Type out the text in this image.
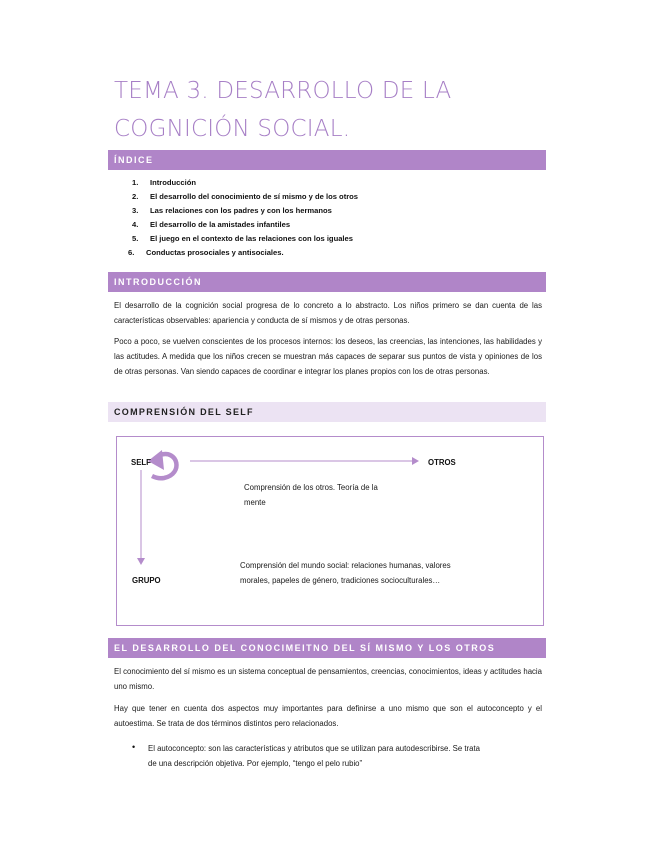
TEMA 3. DESARROLLO DE LA
COGNICIÓN SOCIAL.
ÍNDICE
1. Introducción
2. El desarrollo del conocimiento de sí mismo y de los otros
3. Las relaciones con los padres y con los hermanos
4. El desarrollo de la amistades infantiles
5. El juego en el contexto de las relaciones con los iguales
6. Conductas prosociales y antisociales.
INTRODUCCIÓN
El desarrollo de la cognición social progresa de lo concreto a lo abstracto. Los niños primero se dan cuenta de las características observables: apariencia y conducta de sí mismos y de otras personas.
Poco a poco, se vuelven conscientes de los procesos internos: los deseos, las creencias, las intenciones, las habilidades y las actitudes. A medida que los niños crecen se muestran más capaces de separar sus puntos de vista y opiniones de los de otras personas. Van siendo capaces de coordinar e integrar los planes propios con los de otras personas.
COMPRENSIÓN DEL SELF
SELF	OTROS
GRUPO
Comprensión de los otros. Teoría de la
mente
Comprensión del mundo social: relaciones humanas, valores
morales, papeles de género, tradiciones socioculturales…
EL DESARROLLO DEL CONOCIMEITNO DEL SÍ MISMO Y LOS OTROS
El conocimiento del sí mismo es un sistema conceptual de pensamientos, creencias, conocimientos, ideas y actitudes hacia uno mismo.
Hay que tener en cuenta dos aspectos muy importantes para definirse a uno mismo que son el autoconcepto y el autoestima. Se trata de dos términos distintos pero relacionados.
• El autoconcepto: son las características y atributos que se utilizan para autodescribirse. Se trata
de una descripción objetiva. Por ejemplo, “tengo el pelo rubio”
